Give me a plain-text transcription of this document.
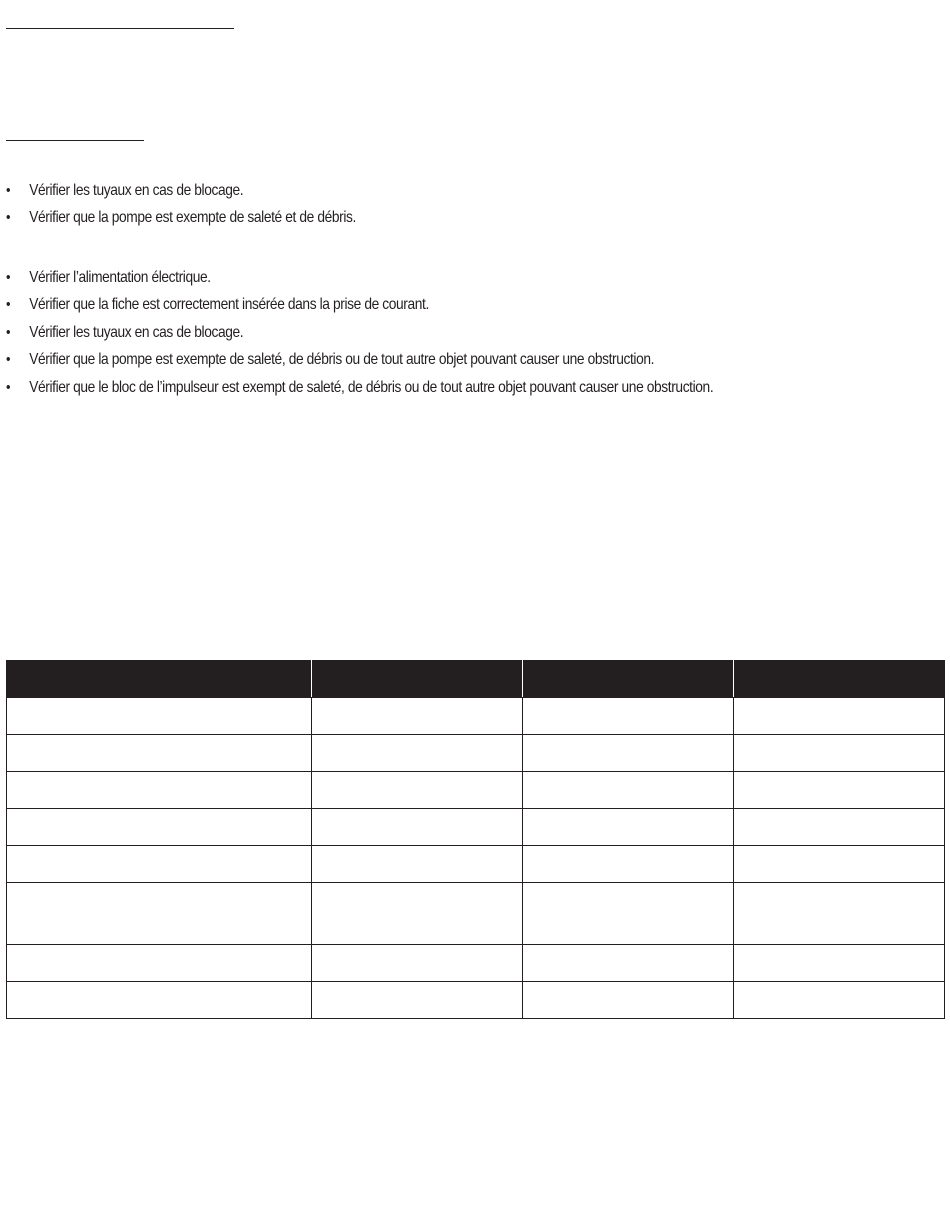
• Vérifier les tuyaux en cas de blocage.
• Vérifier que la pompe est exempte de saleté et de débris.
• Vérifier l’alimentation électrique.
• Vérifier que la fiche est correctement insérée dans la prise de courant.
• Vérifier les tuyaux en cas de blocage.
• Vérifier que la pompe est exempte de saleté, de débris ou de tout autre objet pouvant causer une obstruction.
• Vérifier que le bloc de l’impulseur est exempt de saleté, de débris ou de tout autre objet pouvant causer une obstruction.
